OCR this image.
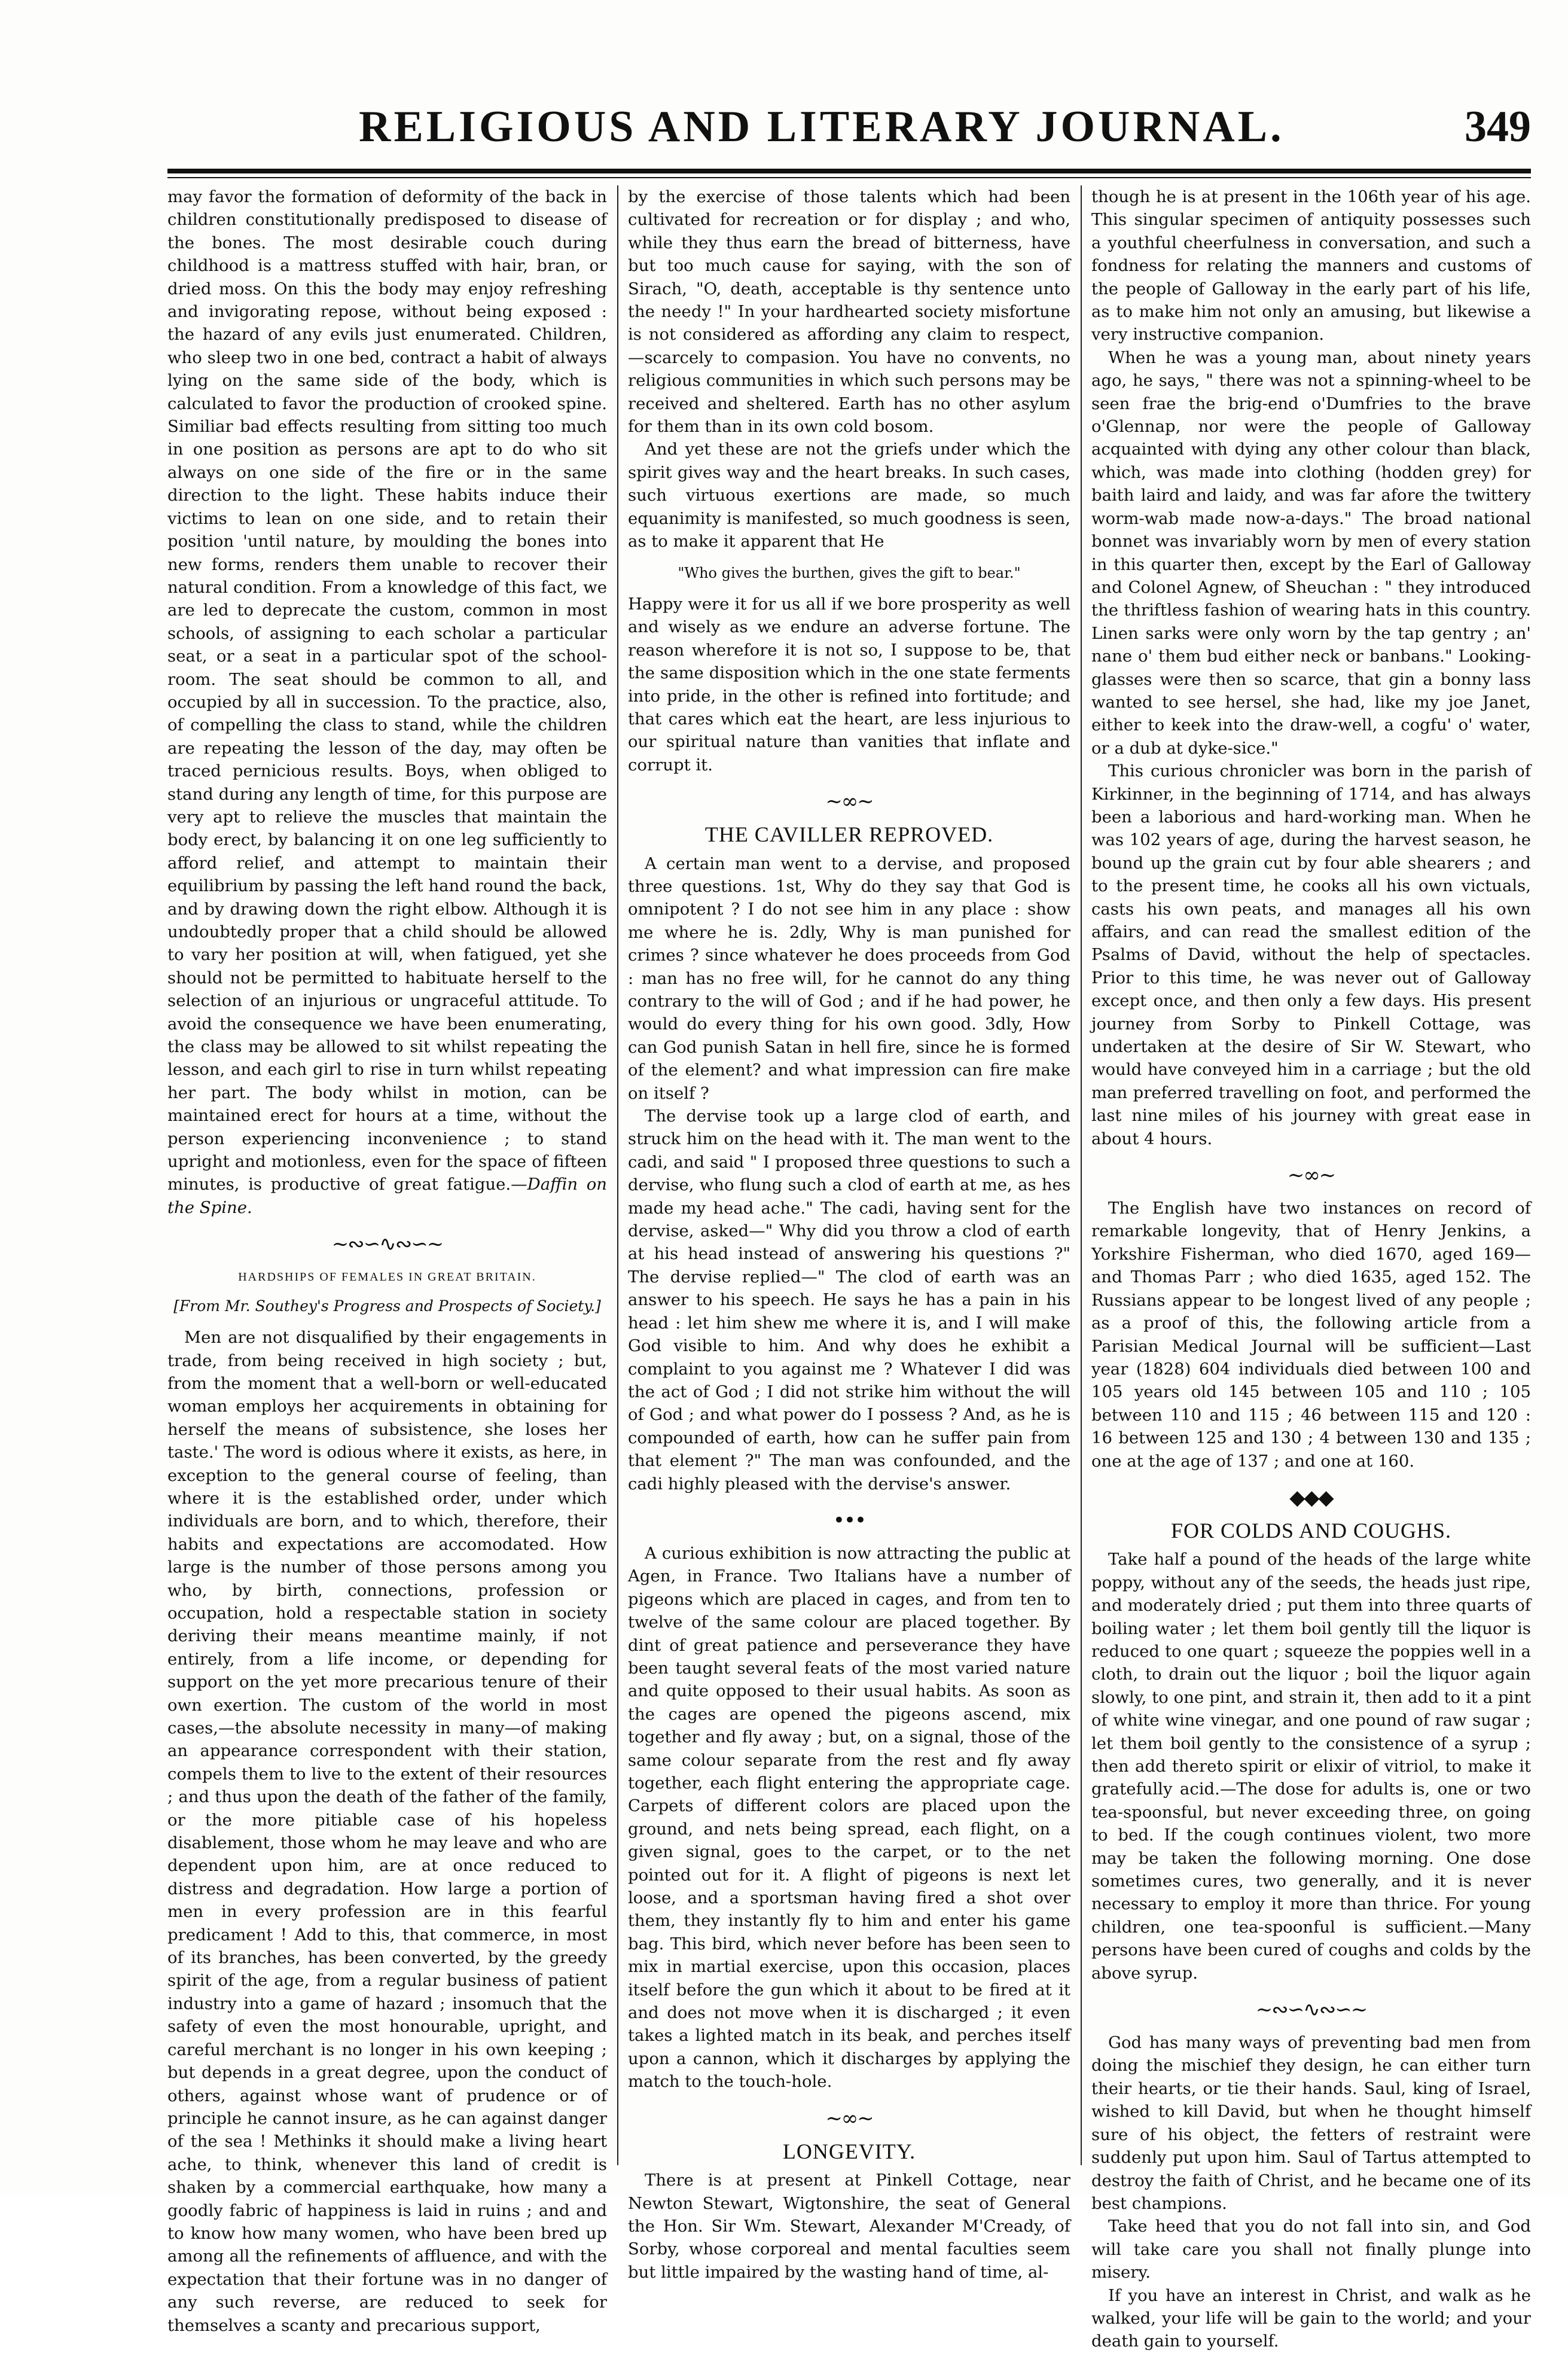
RELIGIOUS AND LITERARY JOURNAL.	349

may favor the formation of deformity of the back in children constitutionally predisposed to disease of the bones. The most desirable couch during childhood is a mattress stuffed with hair, bran, or dried moss. On this the body may enjoy refreshing and invigorating repose, without being exposed : the hazard of any evils just enumerated. Children, who sleep two in one bed, contract a habit of always lying on the same side of the body, which is calculated to favor the production of crooked spine. Similiar bad effects resulting from sitting too much in one position as persons are apt to do who sit always on one side of the fire or in the same direction to the light. These habits induce their victims to lean on one side, and to retain their position 'until nature, by moulding the bones into new forms, renders them unable to recover their natural condition. From a knowledge of this fact, we are led to deprecate the custom, common in most schools, of assigning to each scholar a particular seat, or a seat in a particular spot of the school-room. The seat should be common to all, and occupied by all in succession. To the practice, also, of compelling the class to stand, while the children are repeating the lesson of the day, may often be traced pernicious results. Boys, when obliged to stand during any length of time, for this purpose are very apt to relieve the muscles that maintain the body erect, by balancing it on one leg sufficiently to afford relief, and attempt to maintain their equilibrium by passing the left hand round the back, and by drawing down the right elbow. Although it is undoubtedly proper that a child should be allowed to vary her position at will, when fatigued, yet she should not be permitted to habituate herself to the selection of an injurious or ungraceful attitude. To avoid the consequence we have been enumerating, the class may be allowed to sit whilst repeating the lesson, and each girl to rise in turn whilst repeating her part. The body whilst in motion, can be maintained erect for hours at a time, without the person experiencing inconvenience ; to stand upright and motionless, even for the space of fifteen minutes, is productive of great fatigue.—Daffin on the Spine.

~∾∽∿∾∽~
HARDSHIPS OF FEMALES IN GREAT BRITAIN.
[From Mr. Southey's Progress and Prospects of Society.]

Men are not disqualified by their engagements in trade, from being received in high society ; but, from the moment that a well-born or well-educated woman employs her acquirements in obtaining for herself the means of subsistence, she loses her taste.' The word is odious where it exists, as here, in exception to the general course of feeling, than where it is the established order, under which individuals are born, and to which, therefore, their habits and expectations are accomodated. How large is the number of those persons among you who, by birth, connections, profession or occupation, hold a respectable station in society deriving their means meantime mainly, if not entirely, from a life income, or depending for support on the yet more precarious tenure of their own exertion. The custom of the world in most cases,—the absolute necessity in many—of making an appearance correspondent with their station, compels them to live to the extent of their resources ; and thus upon the death of the father of the family, or the more pitiable case of his hopeless disablement, those whom he may leave and who are dependent upon him, are at once reduced to distress and degradation. How large a portion of men in every profession are in this fearful predicament ! Add to this, that commerce, in most of its branches, has been converted, by the greedy spirit of the age, from a regular business of patient industry into a game of hazard ; insomuch that the safety of even the most honourable, upright, and careful merchant is no longer in his own keeping ; but depends in a great degree, upon the conduct of others, against whose want of prudence or of principle he cannot insure, as he can against danger of the sea ! Methinks it should make a living heart ache, to think, whenever this land of credit is shaken by a commercial earthquake, how many a goodly fabric of happiness is laid in ruins ; and and to know how many women, who have been bred up among all the refinements of affluence, and with the expectation that their fortune was in no danger of any such reverse, are reduced to seek for themselves a scanty and precarious support,

by the exercise of those talents which had been cultivated for recreation or for display ; and who, while they thus earn the bread of bitterness, have but too much cause for saying, with the son of Sirach, "O, death, acceptable is thy sentence unto the needy !" In your hardhearted society misfortune is not considered as affording any claim to respect, —scarcely to compasion. You have no convents, no religious communities in which such persons may be received and sheltered. Earth has no other asylum for them than in its own cold bosom.

And yet these are not the griefs under which the spirit gives way and the heart breaks. In such cases, such virtuous exertions are made, so much equanimity is manifested, so much goodness is seen, as to make it apparent that He

"Who gives the burthen, gives the gift to bear."

Happy were it for us all if we bore prosperity as well and wisely as we endure an adverse fortune. The reason wherefore it is not so, I suppose to be, that the same disposition which in the one state ferments into pride, in the other is refined into fortitude; and that cares which eat the heart, are less injurious to our spiritual nature than vanities that inflate and corrupt it.

∼∞∼
THE CAVILLER REPROVED.

A certain man went to a dervise, and proposed three questions. 1st, Why do they say that God is omnipotent ? I do not see him in any place : show me where he is. 2dly, Why is man punished for crimes ? since whatever he does proceeds from God : man has no free will, for he cannot do any thing contrary to the will of God ; and if he had power, he would do every thing for his own good. 3dly, How can God punish Satan in hell fire, since he is formed of the element? and what impression can fire make on itself ?

The dervise took up a large clod of earth, and struck him on the head with it. The man went to the cadi, and said " I proposed three questions to such a dervise, who flung such a clod of earth at me, as hes made my head ache." The cadi, having sent for the dervise, asked—" Why did you throw a clod of earth at his head instead of answering his questions ?" The dervise replied—" The clod of earth was an answer to his speech. He says he has a pain in his head : let him shew me where it is, and I will make God visible to him. And why does he exhibit a complaint to you against me ? Whatever I did was the act of God ; I did not strike him without the will of God ; and what power do I possess ? And, as he is compounded of earth, how can he suffer pain from that element ?" The man was confounded, and the cadi highly pleased with the dervise's answer.

•••

A curious exhibition is now attracting the public at Agen, in France. Two Italians have a number of pigeons which are placed in cages, and from ten to twelve of the same colour are placed together. By dint of great patience and perseverance they have been taught several feats of the most varied nature and quite opposed to their usual habits. As soon as the cages are opened the pigeons ascend, mix together and fly away ; but, on a signal, those of the same colour separate from the rest and fly away together, each flight entering the appropriate cage. Carpets of different colors are placed upon the ground, and nets being spread, each flight, on a given signal, goes to the carpet, or to the net pointed out for it. A flight of pigeons is next let loose, and a sportsman having fired a shot over them, they instantly fly to him and enter his game bag. This bird, which never before has been seen to mix in martial exercise, upon this occasion, places itself before the gun which it about to be fired at it and does not move when it is discharged ; it even takes a lighted match in its beak, and perches itself upon a cannon, which it discharges by applying the match to the touch-hole.

∼∞∼
LONGEVITY.

There is at present at Pinkell Cottage, near Newton Stewart, Wigtonshire, the seat of General the Hon. Sir Wm. Stewart, Alexander M'Cready, of Sorby, whose corporeal and mental faculties seem but little impaired by the wasting hand of time, al-

though he is at present in the 106th year of his age. This singular specimen of antiquity possesses such a youthful cheerfulness in conversation, and such a fondness for relating the manners and customs of the people of Galloway in the early part of his life, as to make him not only an amusing, but likewise a very instructive companion.

When he was a young man, about ninety years ago, he says, " there was not a spinning-wheel to be seen frae the brig-end o'Dumfries to the brave o'Glennap, nor were the people of Galloway acquainted with dying any other colour than black, which, was made into clothing (hodden grey) for baith laird and laidy, and was far afore the twittery worm-wab made now-a-days." The broad national bonnet was invariably worn by men of every station in this quarter then, except by the Earl of Galloway and Colonel Agnew, of Sheuchan : " they introduced the thriftless fashion of wearing hats in this country. Linen sarks were only worn by the tap gentry ; an' nane o' them bud either neck or banbans." Looking-glasses were then so scarce, that gin a bonny lass wanted to see hersel, she had, like my joe Janet, either to keek into the draw-well, a cogfu' o' water, or a dub at dyke-sice."

This curious chronicler was born in the parish of Kirkinner, in the beginning of 1714, and has always been a laborious and hard-working man. When he was 102 years of age, during the harvest season, he bound up the grain cut by four able shearers ; and to the present time, he cooks all his own victuals, casts his own peats, and manages all his own affairs, and can read the smallest edition of the Psalms of David, without the help of spectacles. Prior to this time, he was never out of Galloway except once, and then only a few days. His present journey from Sorby to Pinkell Cottage, was undertaken at the desire of Sir W. Stewart, who would have conveyed him in a carriage ; but the old man preferred travelling on foot, and performed the last nine miles of his journey with great ease in about 4 hours.

∼∞∼

The English have two instances on record of remarkable longevity, that of Henry Jenkins, a Yorkshire Fisherman, who died 1670, aged 169—and Thomas Parr ; who died 1635, aged 152. The Russians appear to be longest lived of any people ; as a proof of this, the following article from a Parisian Medical Journal will be sufficient—Last year (1828) 604 individuals died between 100 and 105 years old 145 between 105 and 110 ; 105 between 110 and 115 ; 46 between 115 and 120 : 16 between 125 and 130 ; 4 between 130 and 135 ; one at the age of 137 ; and one at 160.

◆◆◆
FOR COLDS AND COUGHS.

Take half a pound of the heads of the large white poppy, without any of the seeds, the heads just ripe, and moderately dried ; put them into three quarts of boiling water ; let them boil gently till the liquor is reduced to one quart ; squeeze the poppies well in a cloth, to drain out the liquor ; boil the liquor again slowly, to one pint, and strain it, then add to it a pint of white wine vinegar, and one pound of raw sugar ; let them boil gently to the consistence of a syrup ; then add thereto spirit or elixir of vitriol, to make it gratefully acid.—The dose for adults is, one or two tea-spoonsful, but never exceeding three, on going to bed. If the cough continues violent, two more may be taken the following morning. One dose sometimes cures, two generally, and it is never necessary to employ it more than thrice. For young children, one tea-spoonful is sufficient.—Many persons have been cured of coughs and colds by the above syrup.

~∾∽∿∾∽~

God has many ways of preventing bad men from doing the mischief they design, he can either turn their hearts, or tie their hands. Saul, king of Israel, wished to kill David, but when he thought himself sure of his object, the fetters of restraint were suddenly put upon him. Saul of Tartus attempted to destroy the faith of Christ, and he became one of its best champions.

Take heed that you do not fall into sin, and God will take care you shall not finally plunge into misery.

If you have an interest in Christ, and walk as he walked, your life will be gain to the world; and your death gain to yourself.
